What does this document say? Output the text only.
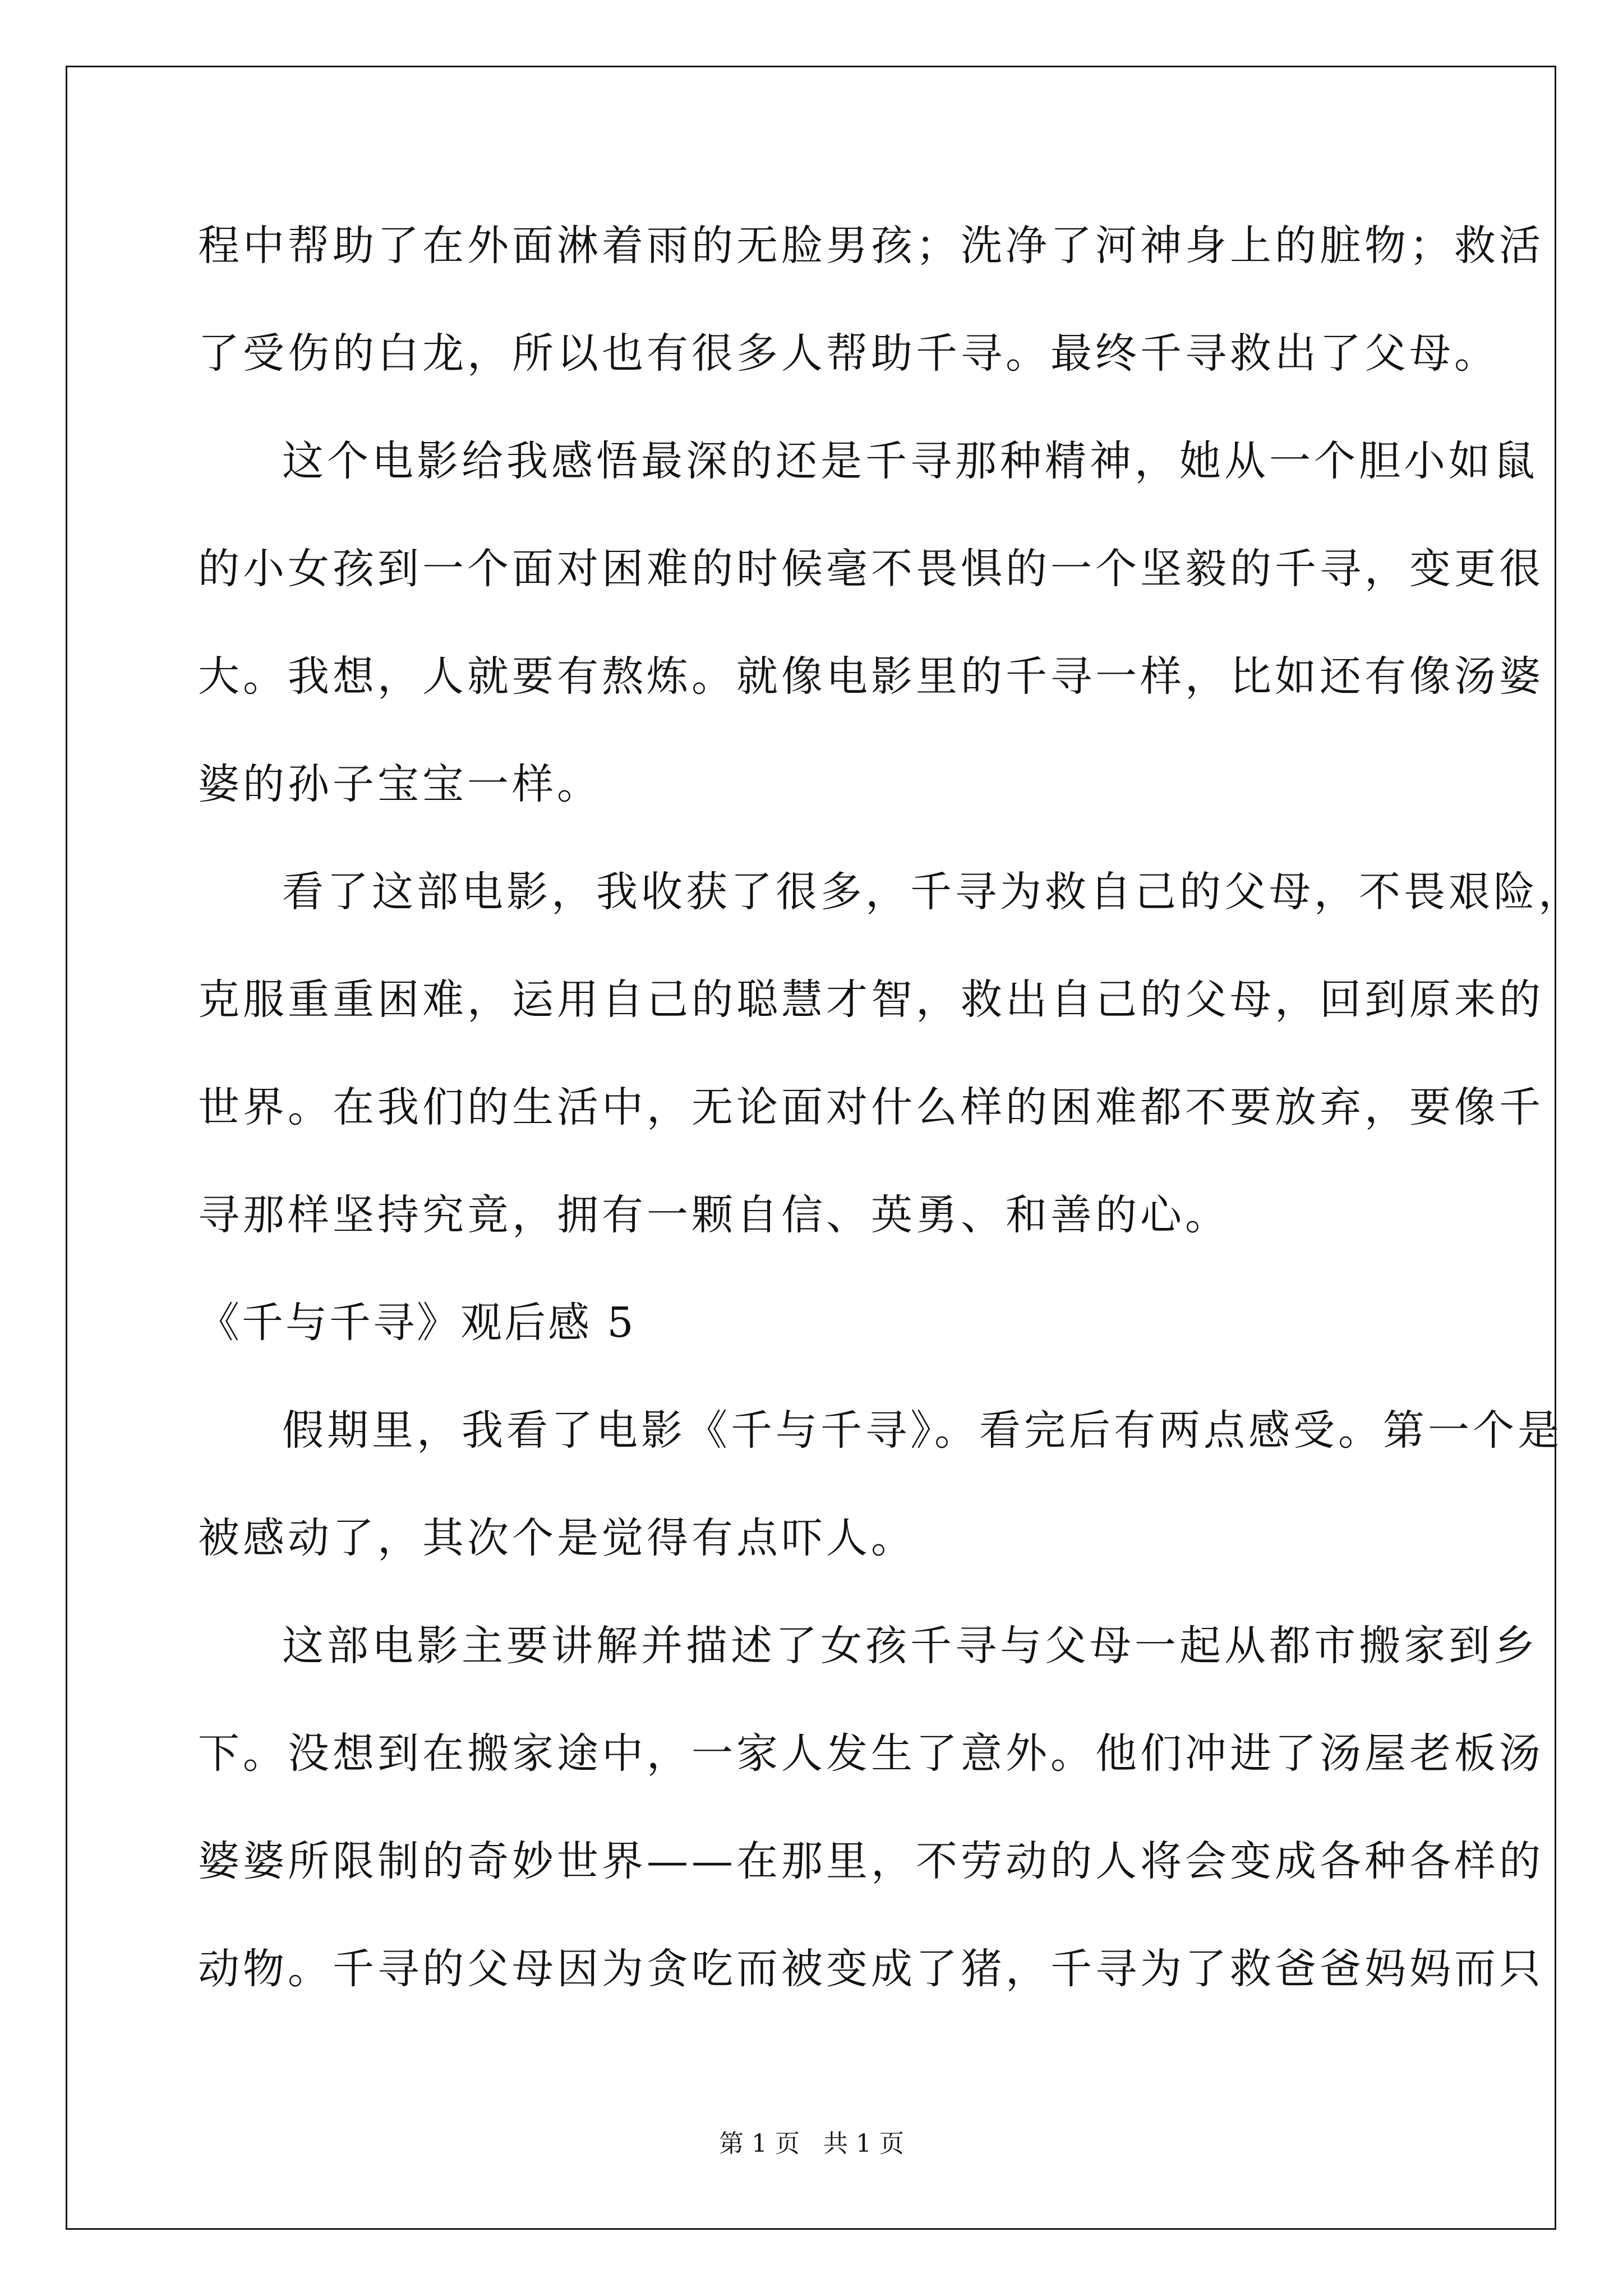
程中帮助了在外面淋着雨的无脸男孩；洗净了河神身上的脏物；救活

了受伤的白龙，所以也有很多人帮助千寻。最终千寻救出了父母。

这个电影给我感悟最深的还是千寻那种精神，她从一个胆小如鼠

的小女孩到一个面对困难的时候毫不畏惧的一个坚毅的千寻，变更很

大。我想，人就要有熬炼。就像电影里的千寻一样，比如还有像汤婆

婆的孙子宝宝一样。

看了这部电影，我收获了很多，千寻为救自己的父母，不畏艰险，

克服重重困难，运用自己的聪慧才智，救出自己的父母，回到原来的

世界。在我们的生活中，无论面对什么样的困难都不要放弃，要像千

寻那样坚持究竟，拥有一颗自信、英勇、和善的心。

《千与千寻》观后感 5

假期里，我看了电影《千与千寻》。看完后有两点感受。第一个是

被感动了，其次个是觉得有点吓人。

这部电影主要讲解并描述了女孩千寻与父母一起从都市搬家到乡

下。没想到在搬家途中，一家人发生了意外。他们冲进了汤屋老板汤

婆婆所限制的奇妙世界——在那里，不劳动的人将会变成各种各样的

动物。千寻的父母因为贪吃而被变成了猪，千寻为了救爸爸妈妈而只

第 1 页 共 1 页
